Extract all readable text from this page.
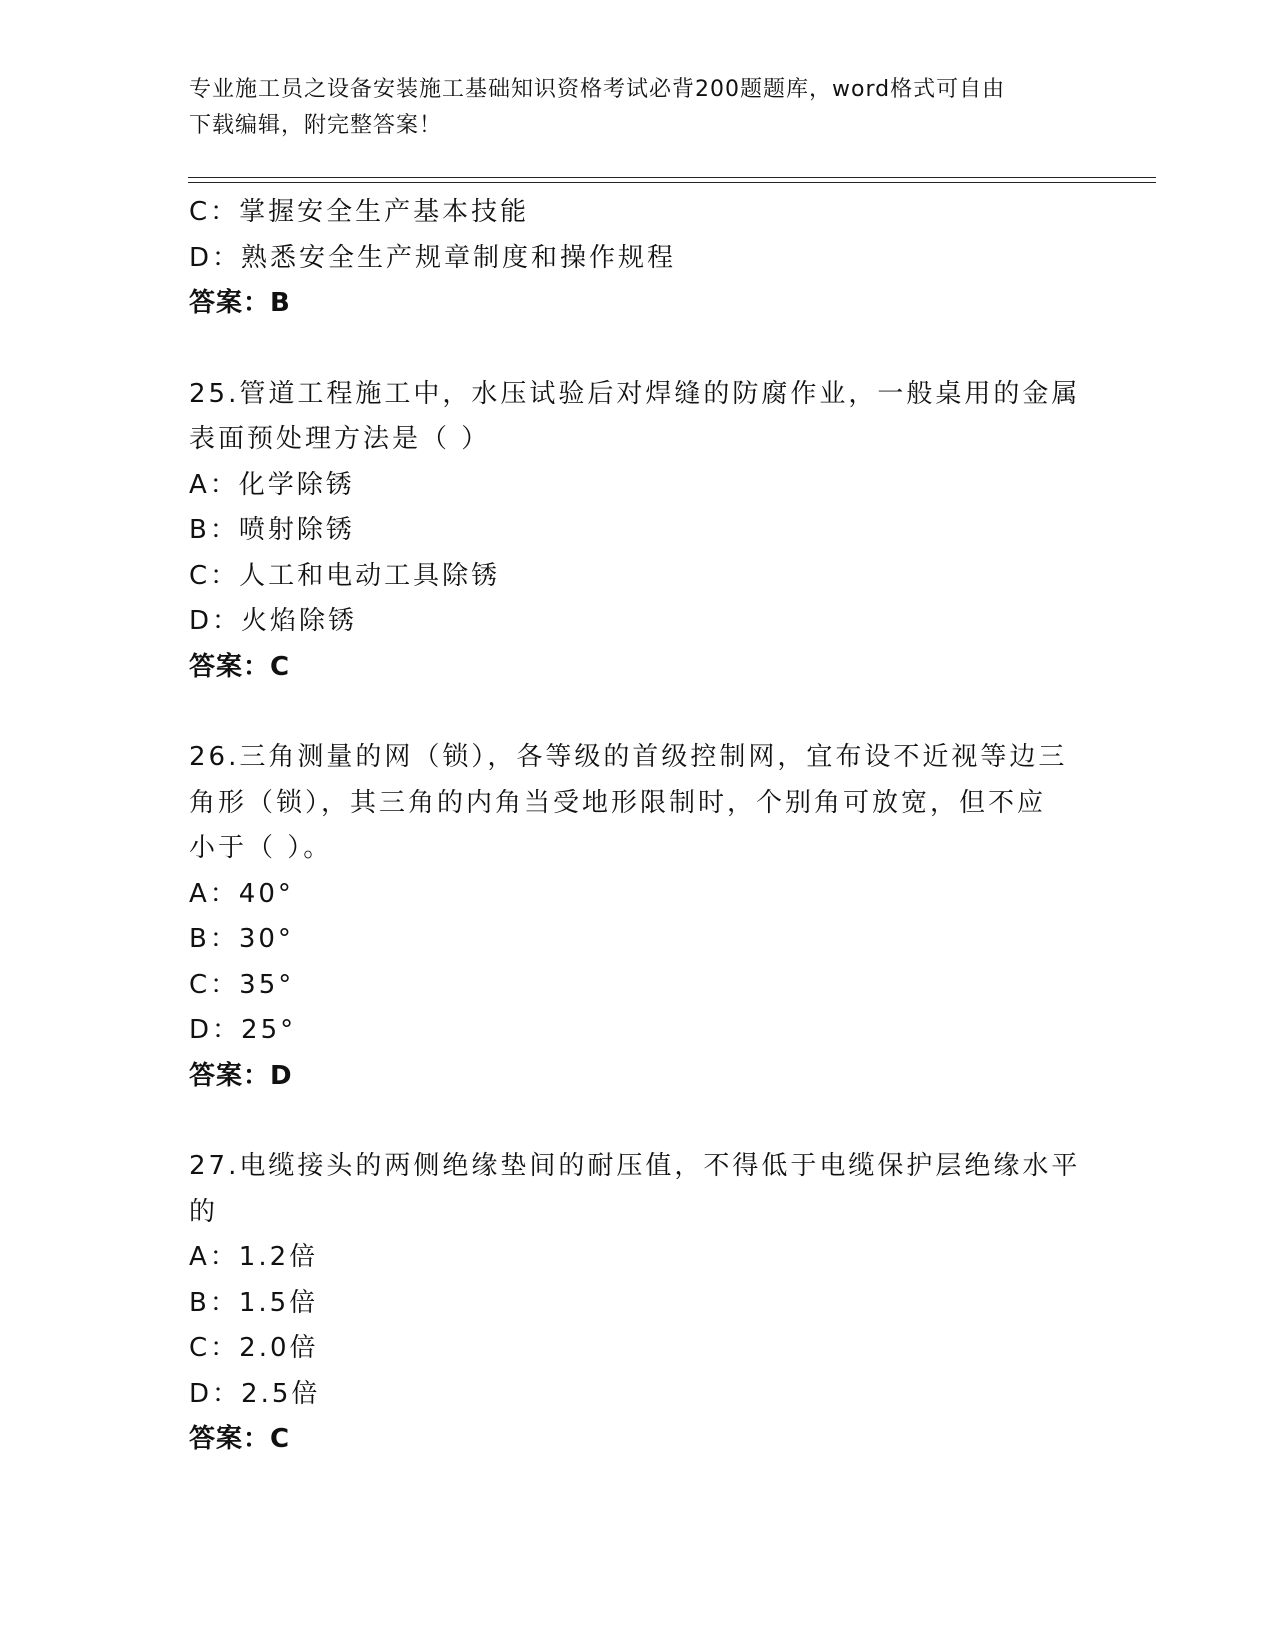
专业施工员之设备安装施工基础知识资格考试必背200题题库，word格式可自由
下载编辑，附完整答案！
C：掌握安全生产基本技能
D：熟悉安全生产规章制度和操作规程
答案：B
25.管道工程施工中，水压试验后对焊缝的防腐作业，一般桌用的金属
表面预处理方法是（ ）
A：化学除锈
B：喷射除锈
C：人工和电动工具除锈
D：火焰除锈
答案：C
26.三角测量的网（锁），各等级的首级控制网，宜布设不近视等边三
角形（锁），其三角的内角当受地形限制时，个别角可放宽，但不应
小于（ ）。
A：40°
B：30°
C：35°
D：25°
答案：D
27.电缆接头的两侧绝缘垫间的耐压值，不得低于电缆保护层绝缘水平
的
A：1.2倍
B：1.5倍
C：2.0倍
D：2.5倍
答案：C
